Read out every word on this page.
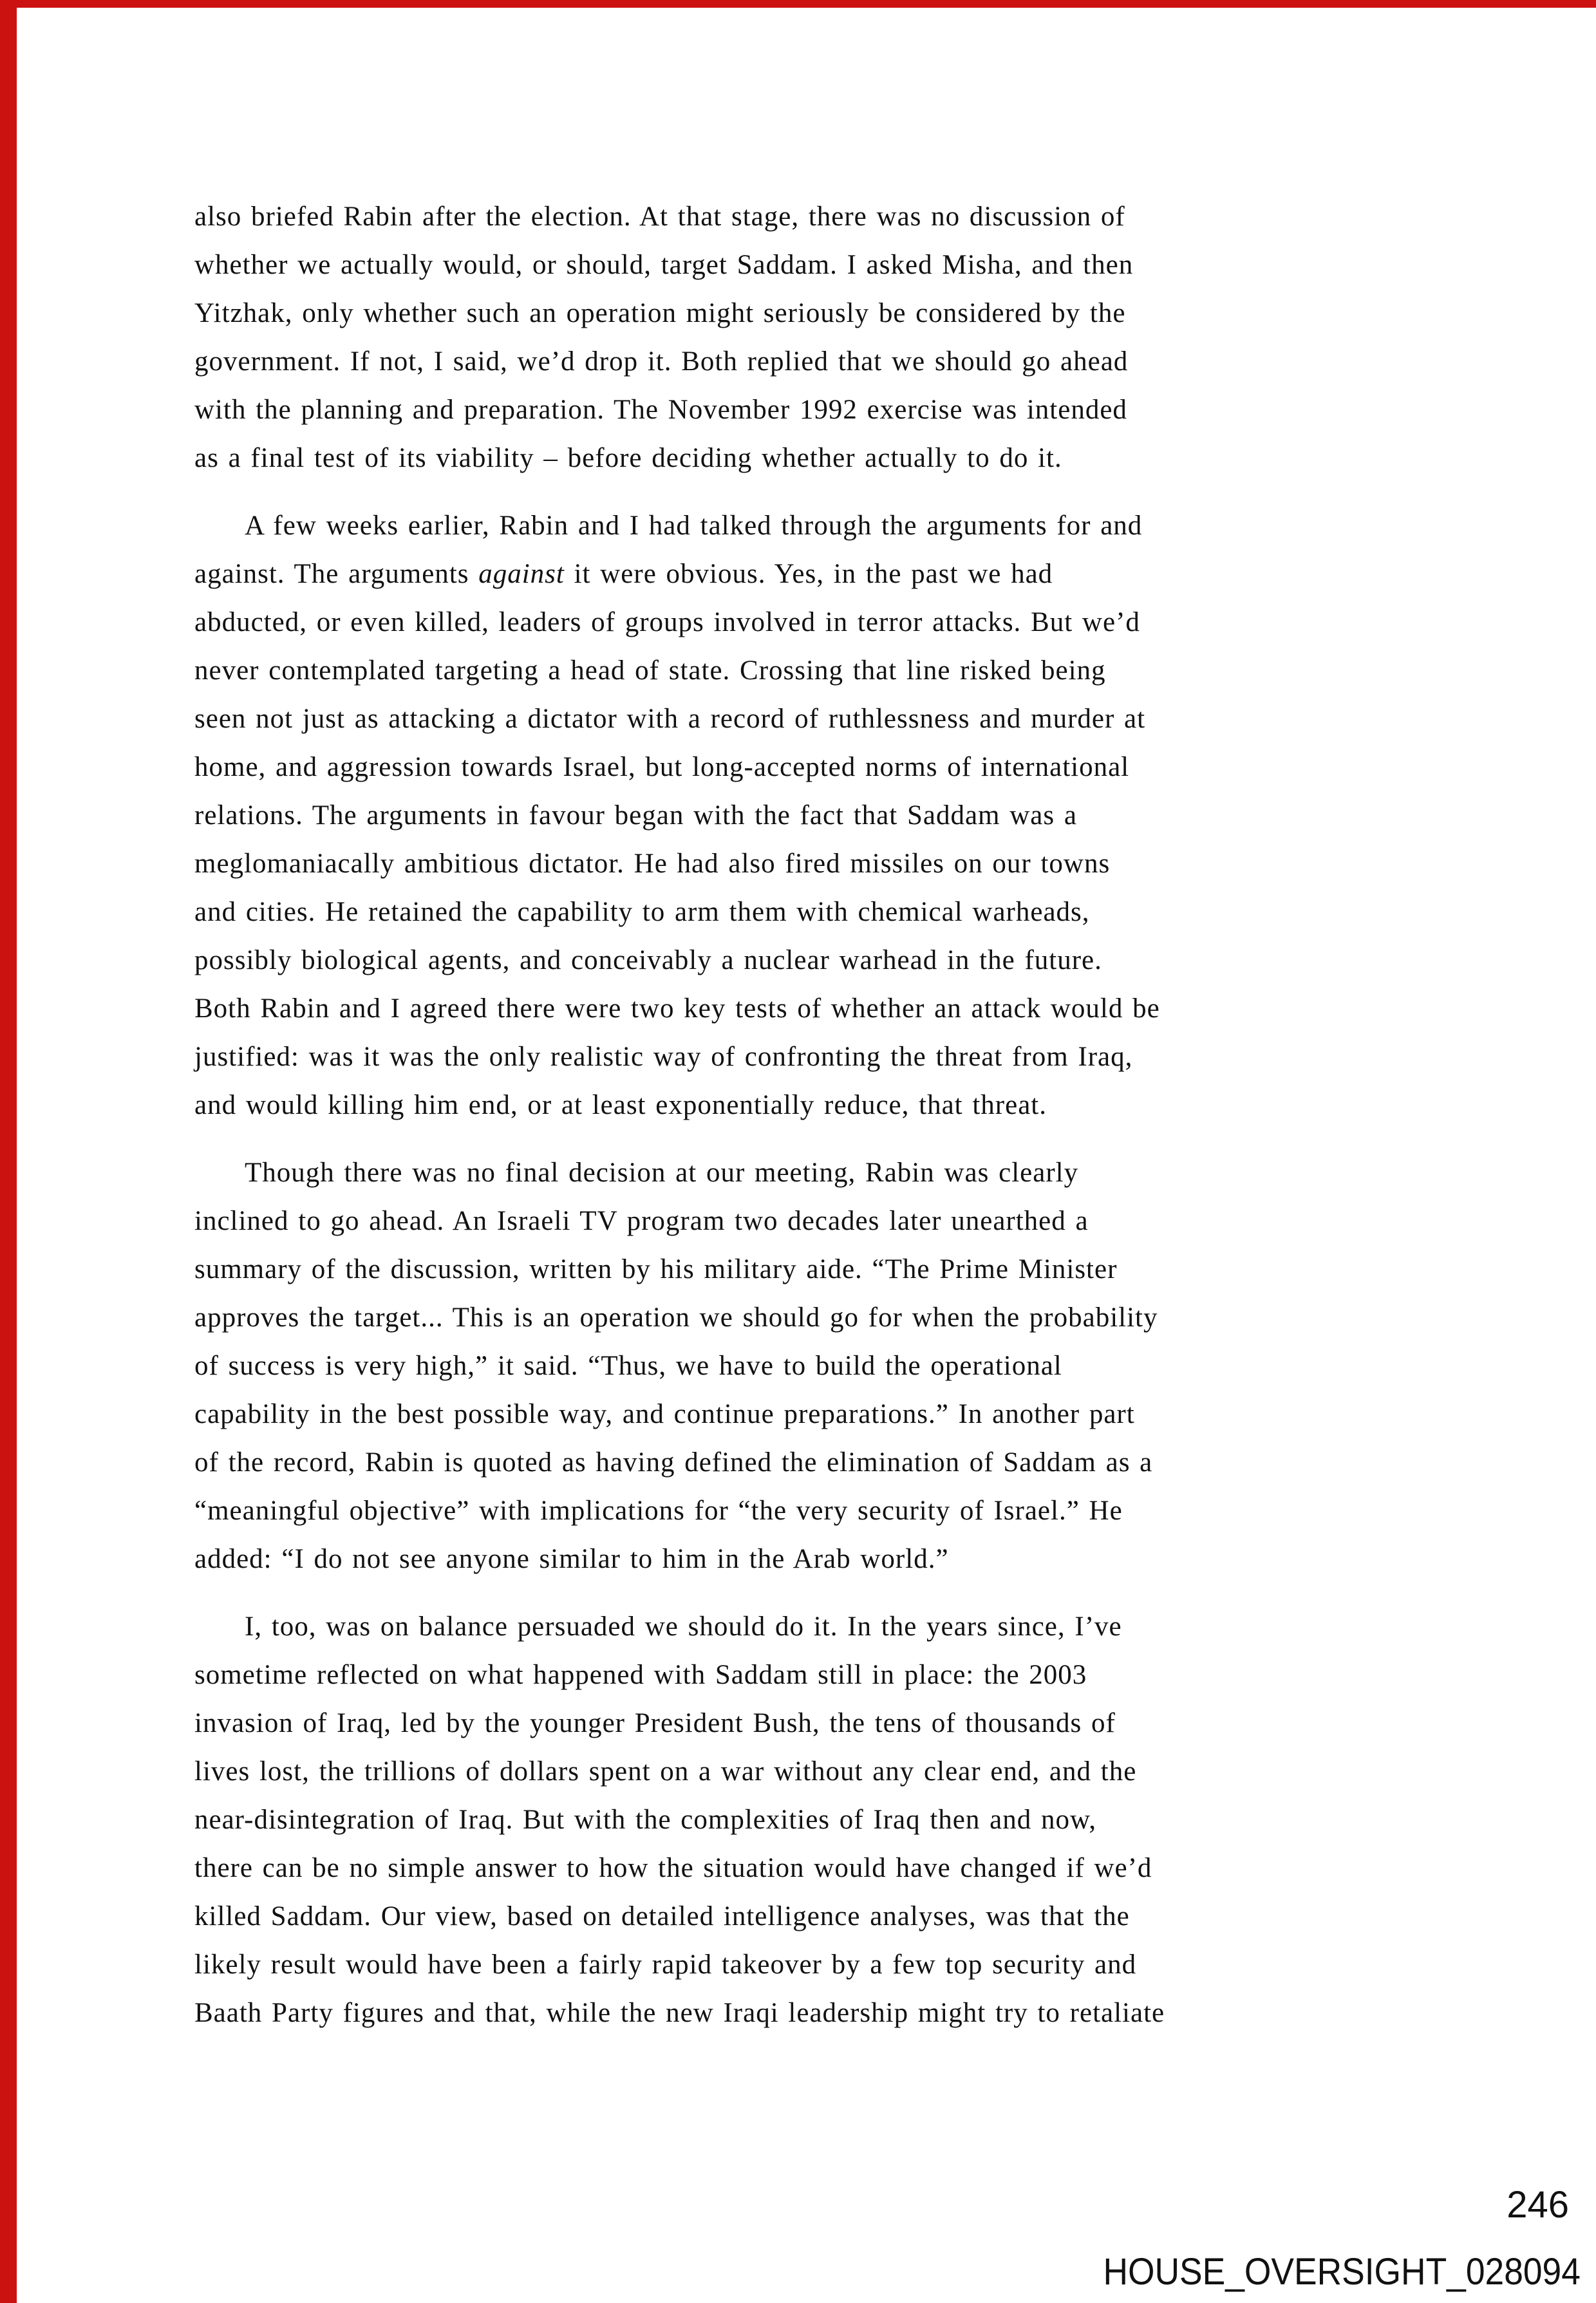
also briefed Rabin after the election. At that stage, there was no discussion of
whether we actually would, or should, target Saddam. I asked Misha, and then
Yitzhak, only whether such an operation might seriously be considered by the
government. If not, I said, we’d drop it. Both replied that we should go ahead
with the planning and preparation. The November 1992 exercise was intended
as a final test of its viability – before deciding whether actually to do it.

A few weeks earlier, Rabin and I had talked through the arguments for and
against. The arguments against it were obvious. Yes, in the past we had
abducted, or even killed, leaders of groups involved in terror attacks. But we’d
never contemplated targeting a head of state. Crossing that line risked being
seen not just as attacking a dictator with a record of ruthlessness and murder at
home, and aggression towards Israel, but long-accepted norms of international
relations. The arguments in favour began with the fact that Saddam was a
meglomaniacally ambitious dictator. He had also fired missiles on our towns
and cities. He retained the capability to arm them with chemical warheads,
possibly biological agents, and conceivably a nuclear warhead in the future.
Both Rabin and I agreed there were two key tests of whether an attack would be
justified: was it was the only realistic way of confronting the threat from Iraq,
and would killing him end, or at least exponentially reduce, that threat.

Though there was no final decision at our meeting, Rabin was clearly
inclined to go ahead. An Israeli TV program two decades later unearthed a
summary of the discussion, written by his military aide. “The Prime Minister
approves the target... This is an operation we should go for when the probability
of success is very high,” it said. “Thus, we have to build the operational
capability in the best possible way, and continue preparations.” In another part
of the record, Rabin is quoted as having defined the elimination of Saddam as a
“meaningful objective” with implications for “the very security of Israel.” He
added: “I do not see anyone similar to him in the Arab world.”

I, too, was on balance persuaded we should do it. In the years since, I’ve
sometime reflected on what happened with Saddam still in place: the 2003
invasion of Iraq, led by the younger President Bush, the tens of thousands of
lives lost, the trillions of dollars spent on a war without any clear end, and the
near-disintegration of Iraq. But with the complexities of Iraq then and now,
there can be no simple answer to how the situation would have changed if we’d
killed Saddam. Our view, based on detailed intelligence analyses, was that the
likely result would have been a fairly rapid takeover by a few top security and
Baath Party figures and that, while the new Iraqi leadership might try to retaliate

246
HOUSE_OVERSIGHT_028094
